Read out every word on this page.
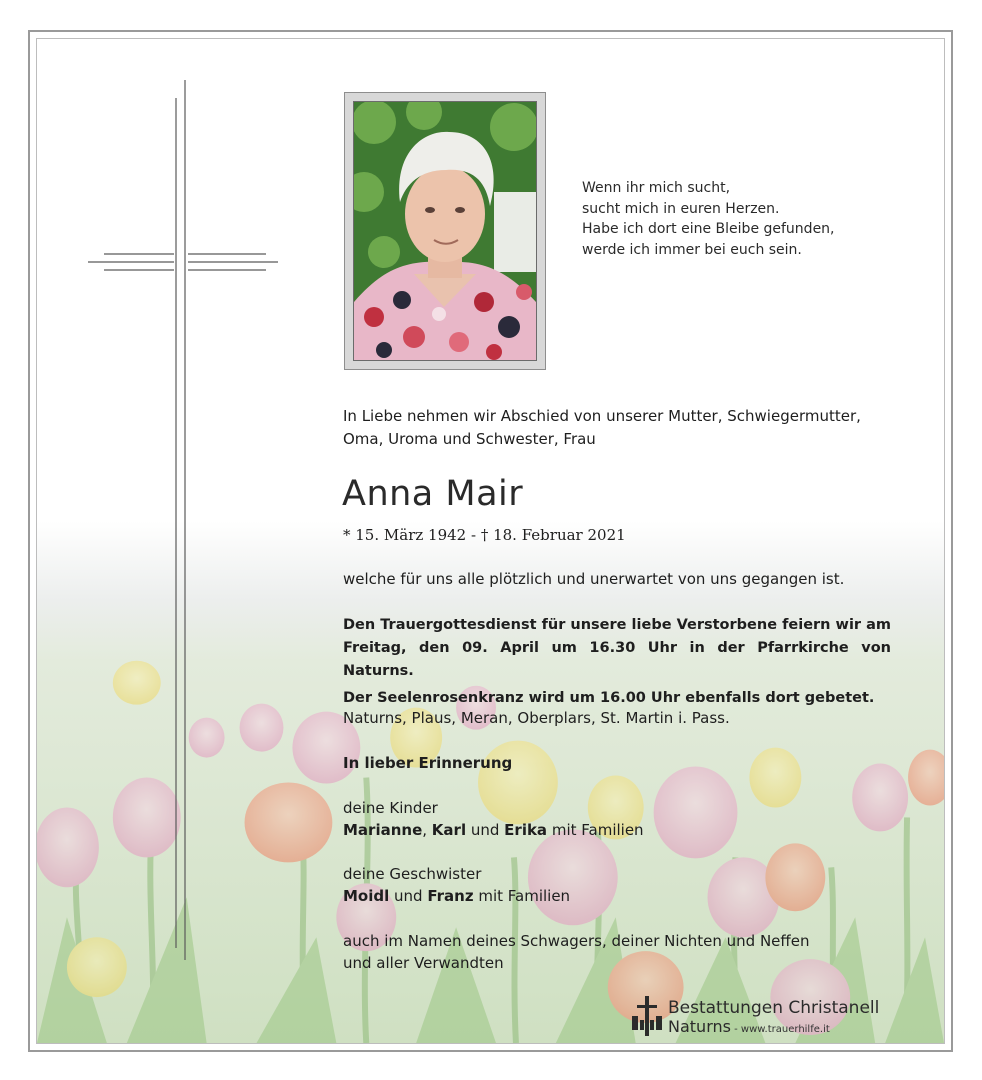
Wenn ihr mich sucht,
sucht mich in euren Herzen.
Habe ich dort eine Bleibe gefunden,
werde ich immer bei euch sein.
In Liebe nehmen wir Abschied von unserer Mutter, Schwiegermutter,
Oma, Uroma und Schwester, Frau
Anna Mair
* 15. März 1942 - † 18. Februar 2021
welche für uns alle plötzlich und unerwartet von uns gegangen ist.
Den Trauergottesdienst für unsere liebe Verstorbene feiern wir am
Freitag, den 09. April um 16.30 Uhr in der Pfarrkirche von Naturns.
Der Seelenrosenkranz wird um 16.00 Uhr ebenfalls dort gebetet.
Naturns, Plaus, Meran, Oberplars, St. Martin i. Pass.
In lieber Erinnerung
deine Kinder
Marianne, Karl und Erika mit Familien
deine Geschwister
Moidl und Franz mit Familien
auch im Namen deines Schwagers, deiner Nichten und Neffen
und aller Verwandten
Bestattungen Christanell
Naturns - www.trauerhilfe.it
